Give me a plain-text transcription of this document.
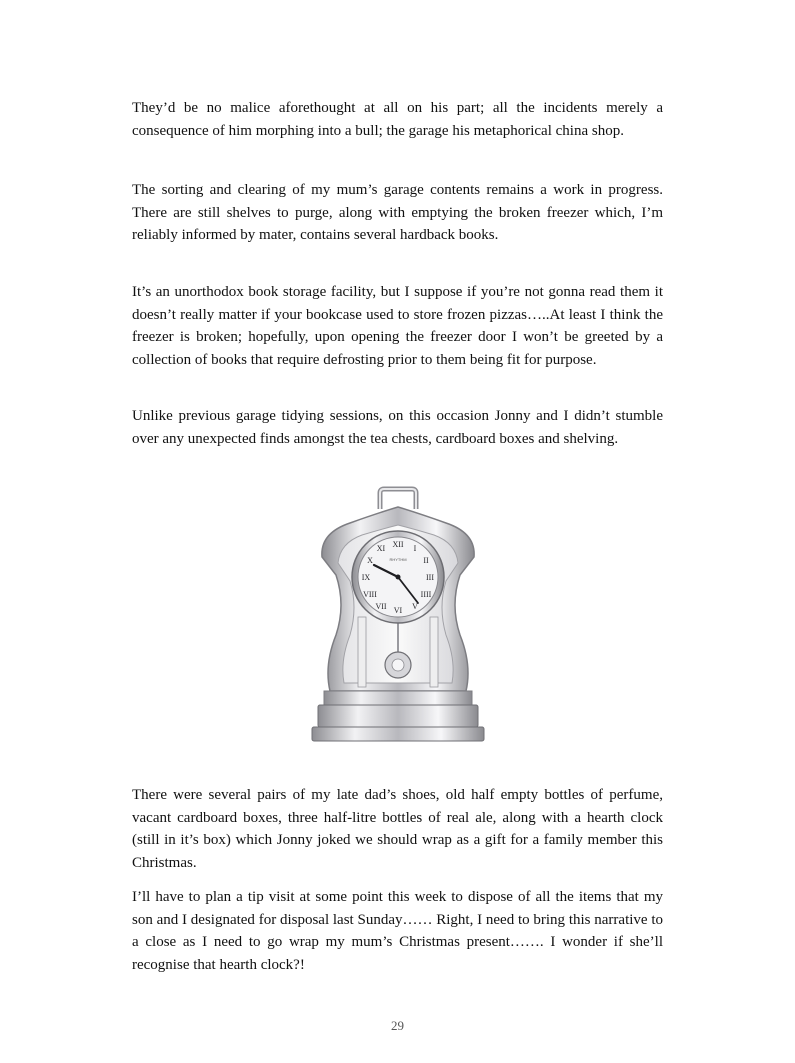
They’d be no malice aforethought at all on his part; all the incidents merely a consequence of him morphing into a bull; the garage his metaphorical china shop.

The sorting and clearing of my mum’s garage contents remains a work in progress. There are still shelves to purge, along with emptying the broken freezer which, I’m reliably informed by mater, contains several hardback books.

It’s an unorthodox book storage facility, but I suppose if you’re not gonna read them it doesn’t really matter if your bookcase used to store frozen pizzas…..At least I think the freezer is broken; hopefully, upon opening the freezer door I won’t be greeted by a collection of books that require defrosting prior to them being fit for purpose.

Unlike previous garage tidying sessions, on this occasion Jonny and I didn’t stumble over any unexpected finds amongst the tea chests, cardboard boxes and shelving.

XII I
II
III
IIII
V
VI
VII
VIII
IX
X
XI
RHYTHM

There were several pairs of my late dad’s shoes, old half empty bottles of perfume, vacant cardboard boxes, three half-litre bottles of real ale, along with a hearth clock (still in it’s box) which Jonny joked we should wrap as a gift for a family member this Christmas.

I’ll have to plan a tip visit at some point this week to dispose of all the items that my son and I designated for disposal last Sunday…… Right, I need to bring this narrative to a close as I need to go wrap my mum’s Christmas present……. I wonder if she’ll recognise that hearth clock?!

29
